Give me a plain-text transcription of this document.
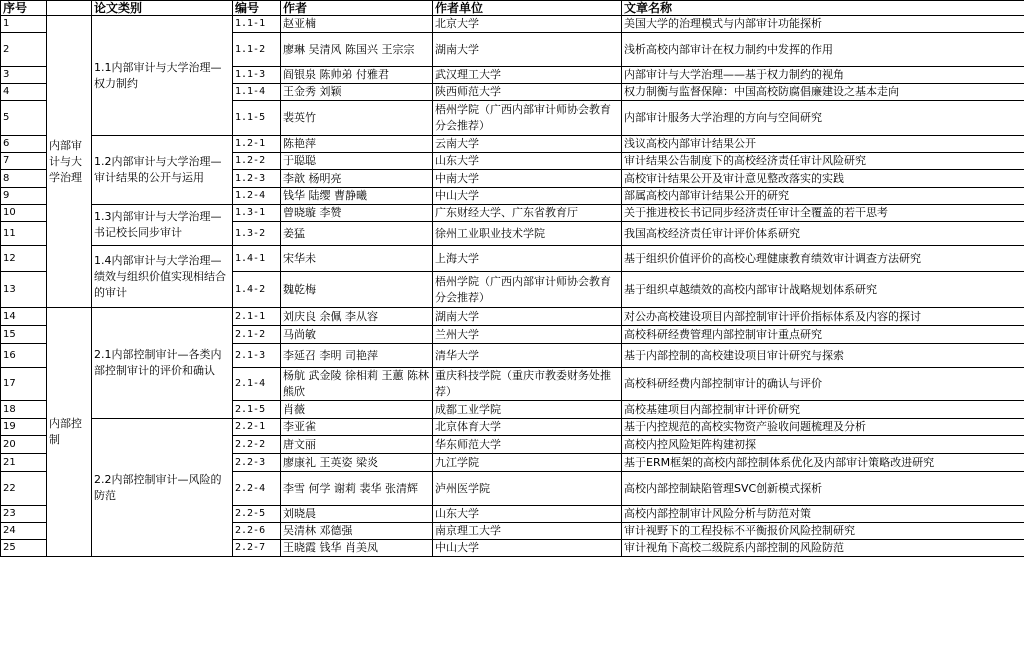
序号		论文类别	编号	作者	作者单位	文章名称
1	内部审计与大学治理	1.1内部审计与大学治理—权力制约	1.1-1	赵亚楠	北京大学	美国大学的治理模式与内部审计功能探析
2			1.1-2	廖琳 吴清风 陈国兴 王宗宗	湖南大学	浅析高校内部审计在权力制约中发挥的作用
3			1.1-3	阎银泉 陈帅弟 付雅君	武汉理工大学	内部审计与大学治理——基于权力制约的视角
4			1.1-4	王金秀 刘颖	陕西师范大学	权力制衡与监督保障：中国高校防腐倡廉建设之基本走向
5			1.1-5	裴英竹	梧州学院（广西内部审计师协会教育分会推荐）	内部审计服务大学治理的方向与空间研究
6		1.2内部审计与大学治理—审计结果的公开与运用	1.2-1	陈艳萍	云南大学	浅议高校内部审计结果公开
7			1.2-2	于聪聪	山东大学	审计结果公告制度下的高校经济责任审计风险研究
8			1.2-3	李歆 杨明亮	中南大学	高校审计结果公开及审计意见整改落实的实践
9			1.2-4	钱华 陆缨 曹静曦	中山大学	部属高校内部审计结果公开的研究
10		1.3内部审计与大学治理—书记校长同步审计	1.3-1	曾晓璇 李赞	广东财经大学、广东省教育厅	关于推进校长书记同步经济责任审计全覆盖的若干思考
11			1.3-2	姜猛	徐州工业职业技术学院	我国高校经济责任审计评价体系研究
12		1.4内部审计与大学治理—绩效与组织价值实现相结合的审计	1.4-1	宋华未	上海大学	基于组织价值评价的高校心理健康教育绩效审计调查方法研究
13			1.4-2	魏乾梅	梧州学院（广西内部审计师协会教育分会推荐）	基于组织卓越绩效的高校内部审计战略规划体系研究
14	内部控制	2.1内部控制审计—各类内部控制审计的评价和确认	2.1-1	刘庆良 余佩 李从容	湖南大学	对公办高校建设项目内部控制审计评价指标体系及内容的探讨
15			2.1-2	马尚敏	兰州大学	高校科研经费管理内部控制审计重点研究
16			2.1-3	李延召 李明 司艳萍	清华大学	基于内部控制的高校建设项目审计研究与探索
17			2.1-4	杨航 武金陵 徐相莉 王蕙 陈林 熊欣	重庆科技学院（重庆市教委财务处推荐）	高校科研经费内部控制审计的确认与评价
18			2.1-5	肖薇	成都工业学院	高校基建项目内部控制审计评价研究
19		2.2内部控制审计—风险的防范	2.2-1	李亚雀	北京体育大学	基于内控规范的高校实物资产验收问题梳理及分析
20			2.2-2	唐文丽	华东师范大学	高校内控风险矩阵构建初探
21			2.2-3	廖康礼 王英姿 梁炎	九江学院	基于ERM框架的高校内部控制体系优化及内部审计策略改进研究
22			2.2-4	李雪 何学 谢莉 裴华 张清辉	泸州医学院	高校内部控制缺陷管理SVC创新模式探析
23			2.2-5	刘晓晨	山东大学	高校内部控制审计风险分析与防范对策
24			2.2-6	吴清林 邓德强	南京理工大学	审计视野下的工程投标不平衡报价风险控制研究
25			2.2-7	王晓霞 钱华 肖美凤	中山大学	审计视角下高校二级院系内部控制的风险防范
